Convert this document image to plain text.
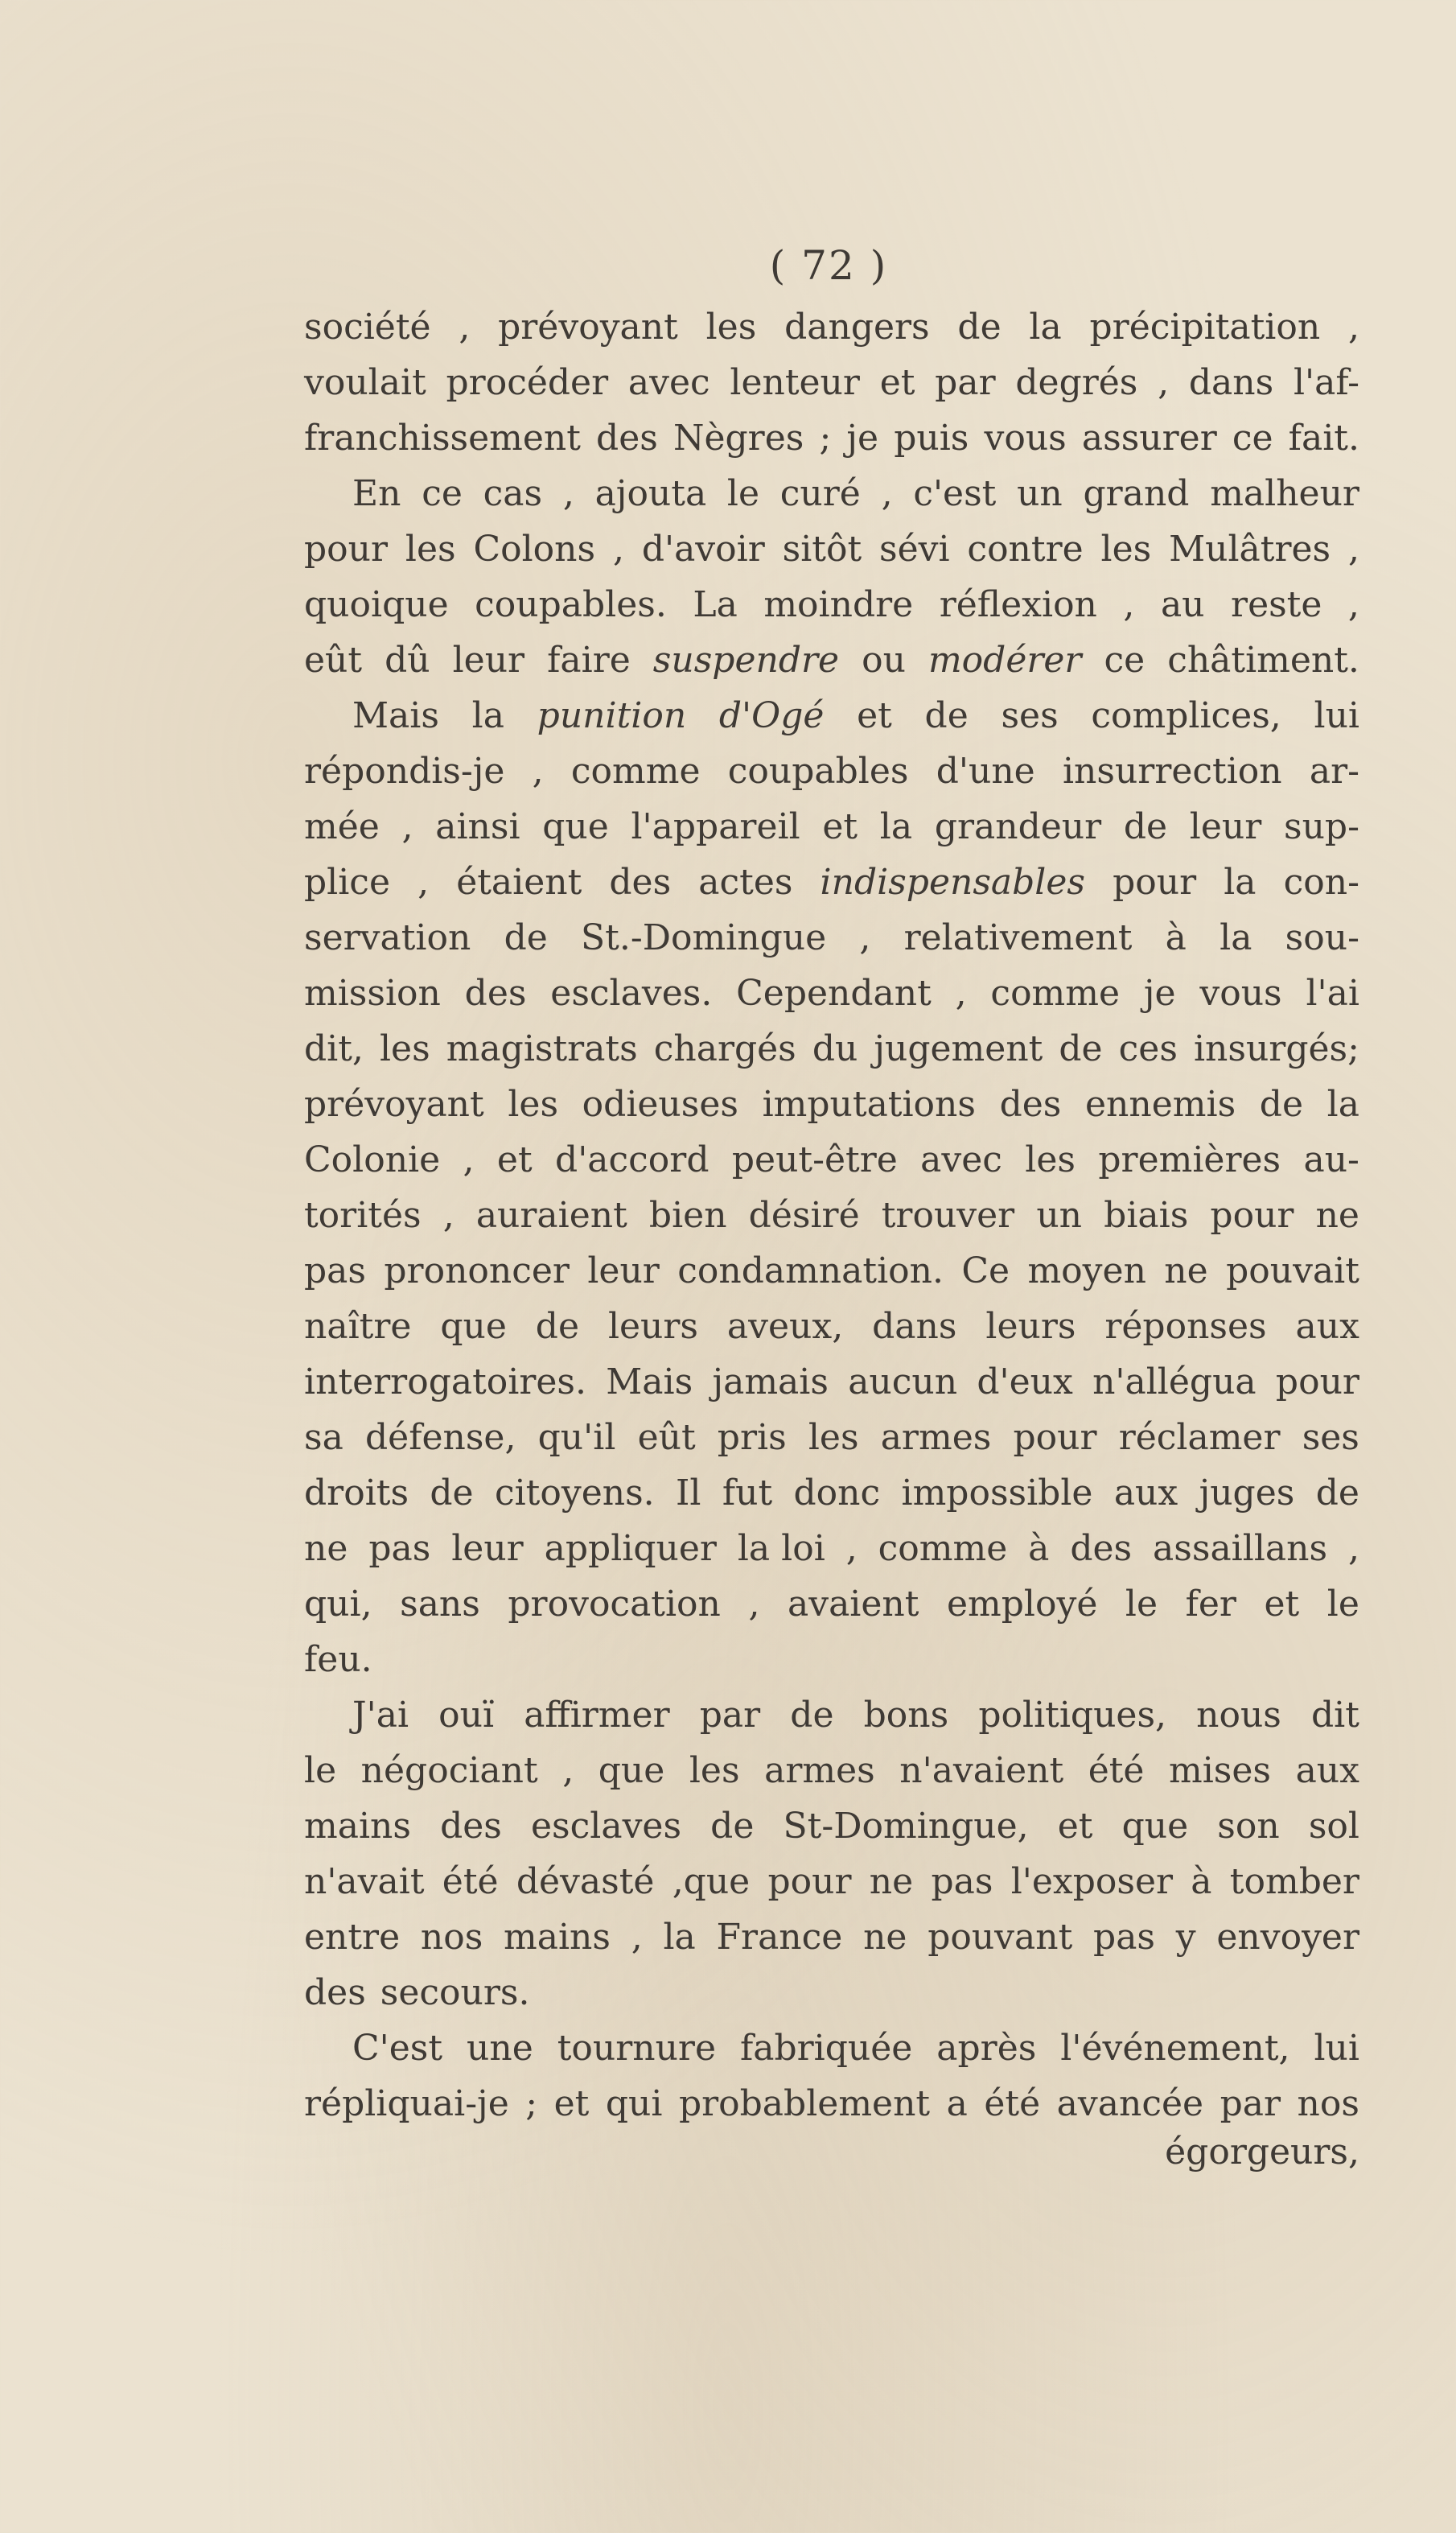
( 72 )
société , prévoyant les dangers de la précipitation ,
voulait procéder avec lenteur et par degrés , dans l'af-
franchissement des Nègres ; je puis vous assurer ce fait.
En ce cas , ajouta le curé , c'est un grand malheur
pour les Colons , d'avoir sitôt sévi contre les Mulâtres ,
quoique coupables. La moindre réflexion , au reste ,
eût dû leur faire suspendre ou modérer ce châtiment.
Mais la punition d'Ogé et de ses complices, lui
répondis-je , comme coupables d'une insurrection ar-
mée , ainsi que l'appareil et la grandeur de leur sup-
plice , étaient des actes indispensables pour la con-
servation de St.-Domingue , relativement à la sou-
mission des esclaves. Cependant , comme je vous l'ai
dit, les magistrats chargés du jugement de ces insurgés;
prévoyant les odieuses imputations des ennemis de la
Colonie , et d'accord peut-être avec les premières au-
torités , auraient bien désiré trouver un biais pour ne
pas prononcer leur condamnation. Ce moyen ne pouvait
naître que de leurs aveux, dans leurs réponses aux
interrogatoires. Mais jamais aucun d'eux n'allégua pour
sa défense, qu'il eût pris les armes pour réclamer ses
droits de citoyens. Il fut donc impossible aux juges de
ne pas leur appliquer la loi , comme à des assaillans ,
qui, sans provocation , avaient employé le fer et le
feu.
J'ai ouï affirmer par de bons politiques, nous dit
le négociant , que les armes n'avaient été mises aux
mains des esclaves de St-Domingue, et que son sol
n'avait été dévasté ,que pour ne pas l'exposer à tomber
entre nos mains , la France ne pouvant pas y envoyer
des secours.
C'est une tournure fabriquée après l'événement, lui
répliquai-je ; et qui probablement a été avancée par nos
égorgeurs,
